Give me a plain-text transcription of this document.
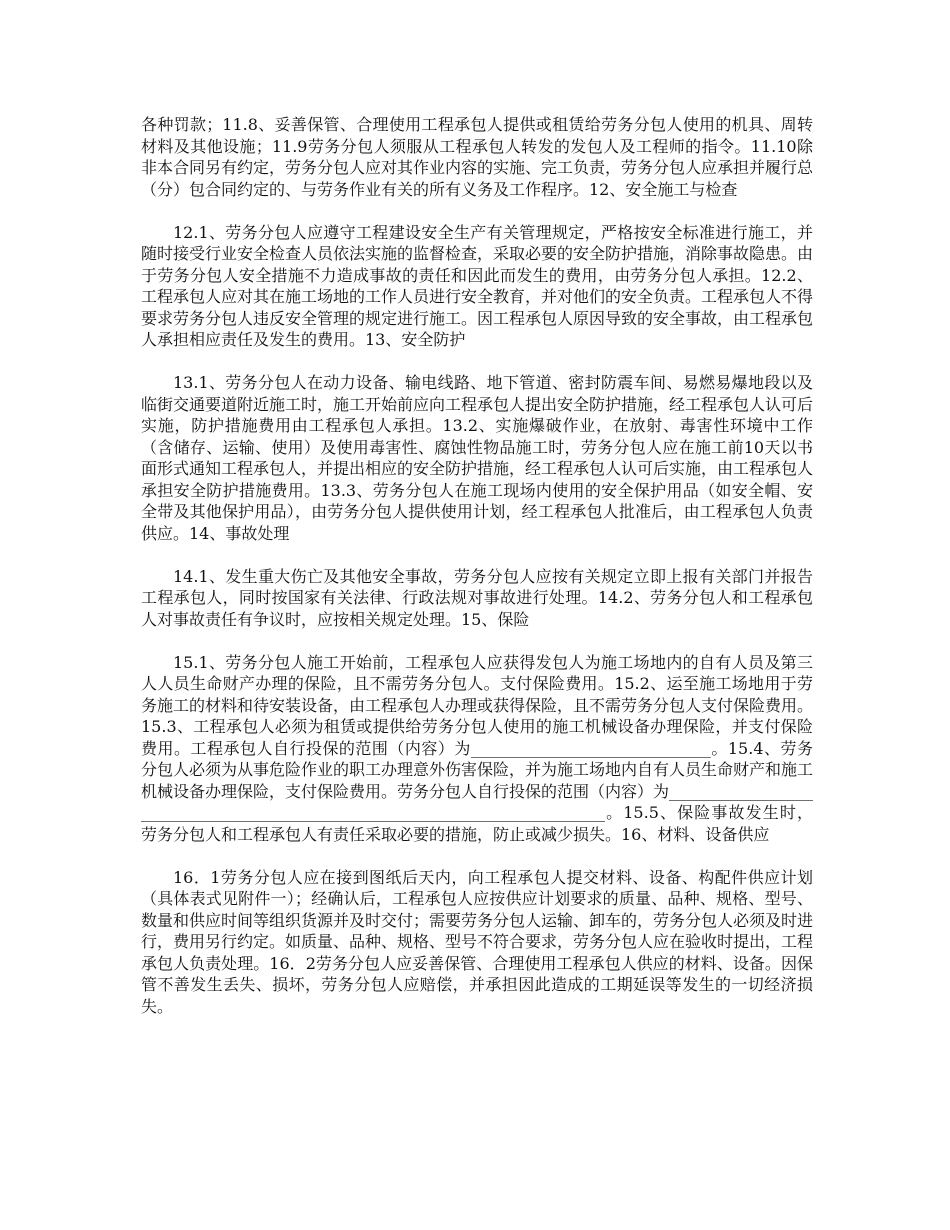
各种罚款；11.8、妥善保管、合理使用工程承包人提供或租赁给劳务分包人使用的机具、周转材料及其他设施；11.9劳务分包人须服从工程承包人转发的发包人及工程师的指令。11.10除非本合同另有约定，劳务分包人应对其作业内容的实施、完工负责，劳务分包人应承担并履行总（分）包合同约定的、与劳务作业有关的所有义务及工作程序。12、安全施工与检查

12.1、劳务分包人应遵守工程建设安全生产有关管理规定，严格按安全标准进行施工，并随时接受行业安全检查人员依法实施的监督检查，采取必要的安全防护措施，消除事故隐患。由于劳务分包人安全措施不力造成事故的责任和因此而发生的费用，由劳务分包人承担。12.2、工程承包人应对其在施工场地的工作人员进行安全教育，并对他们的安全负责。工程承包人不得要求劳务分包人违反安全管理的规定进行施工。因工程承包人原因导致的安全事故，由工程承包人承担相应责任及发生的费用。13、安全防护

13.1、劳务分包人在动力设备、输电线路、地下管道、密封防震车间、易燃易爆地段以及临街交通要道附近施工时，施工开始前应向工程承包人提出安全防护措施，经工程承包人认可后实施，防护措施费用由工程承包人承担。13.2、实施爆破作业，在放射、毒害性环境中工作（含储存、运输、使用）及使用毒害性、腐蚀性物品施工时，劳务分包人应在施工前10天以书面形式通知工程承包人，并提出相应的安全防护措施，经工程承包人认可后实施，由工程承包人承担安全防护措施费用。13.3、劳务分包人在施工现场内使用的安全保护用品（如安全帽、安全带及其他保护用品），由劳务分包人提供使用计划，经工程承包人批准后，由工程承包人负责供应。14、事故处理

14.1、发生重大伤亡及其他安全事故，劳务分包人应按有关规定立即上报有关部门并报告工程承包人，同时按国家有关法律、行政法规对事故进行处理。14.2、劳务分包人和工程承包人对事故责任有争议时，应按相关规定处理。15、保险

15.1、劳务分包人施工开始前，工程承包人应获得发包人为施工场地内的自有人员及第三人人员生命财产办理的保险，且不需劳务分包人。支付保险费用。15.2、运至施工场地用于劳务施工的材料和待安装设备，由工程承包人办理或获得保险，且不需劳务分包人支付保险费用。15.3、工程承包人必须为租赁或提供给劳务分包人使用的施工机械设备办理保险，并支付保险费用。工程承包人自行投保的范围（内容）为______________________________。15.4、劳务分包人必须为从事危险作业的职工办理意外伤害保险，并为施工场地内自有人员生命财产和施工机械设备办理保险，支付保险费用。劳务分包人自行投保的范围（内容）为____________________________________________________________________________。15.5、保险事故发生时，劳务分包人和工程承包人有责任采取必要的措施，防止或减少损失。16、材料、设备供应

16．1劳务分包人应在接到图纸后天内，向工程承包人提交材料、设备、构配件供应计划（具体表式见附件一）；经确认后，工程承包人应按供应计划要求的质量、品种、规格、型号、数量和供应时间等组织货源并及时交付；需要劳务分包人运输、卸车的，劳务分包人必须及时进行，费用另行约定。如质量、品种、规格、型号不符合要求，劳务分包人应在验收时提出，工程承包人负责处理。16．2劳务分包人应妥善保管、合理使用工程承包人供应的材料、设备。因保管不善发生丢失、损坏，劳务分包人应赔偿，并承担因此造成的工期延误等发生的一切经济损失。
